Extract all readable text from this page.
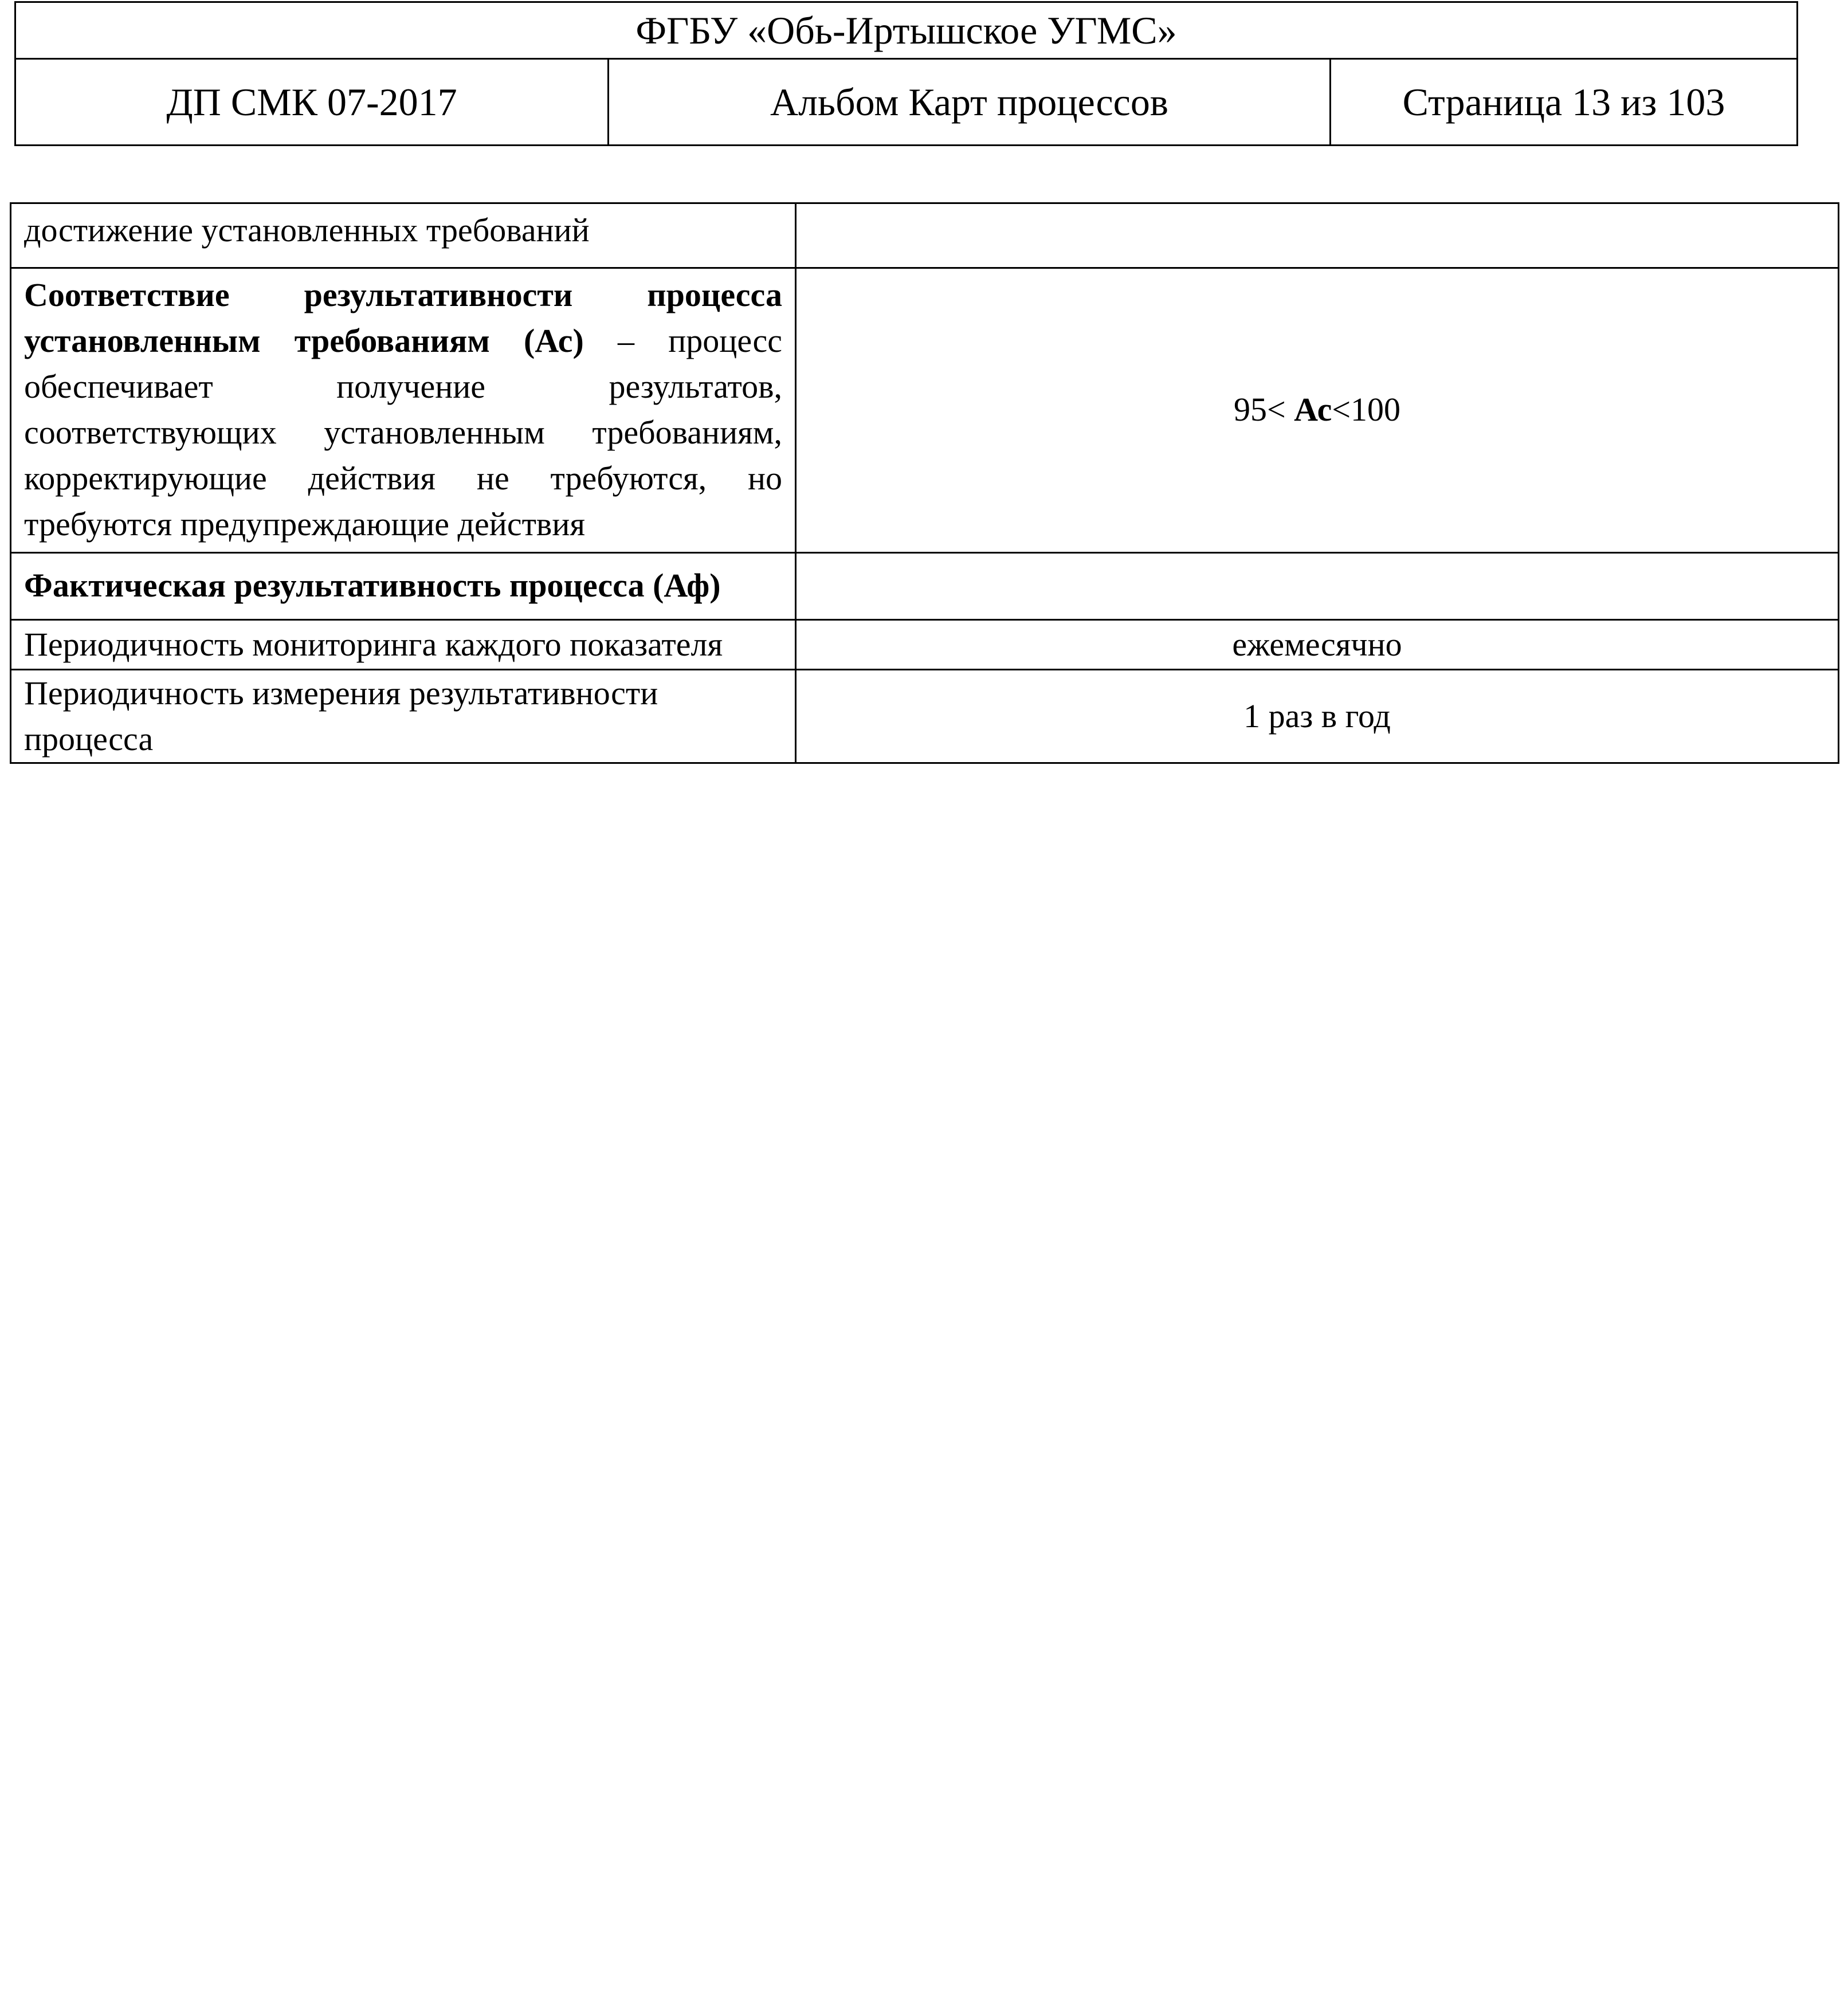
ФГБУ «Обь-Иртышское УГМС»
ДП СМК 07-2017	Альбом Карт процессов	Страница 13 из 103
достижение установленных требований	
Соответствие результативности процесса установленным требованиям (Ас) – процесс обеспечивает получение результатов, соответствующих установленным требованиям, корректирующие действия не требуются, но требуются предупреждающие действия	95< Ас<100
Фактическая результативность процесса (Аф)	
Периодичность мониторинга каждого показателя	ежемесячно
Периодичность измерения результативности процесса	1 раз в год
